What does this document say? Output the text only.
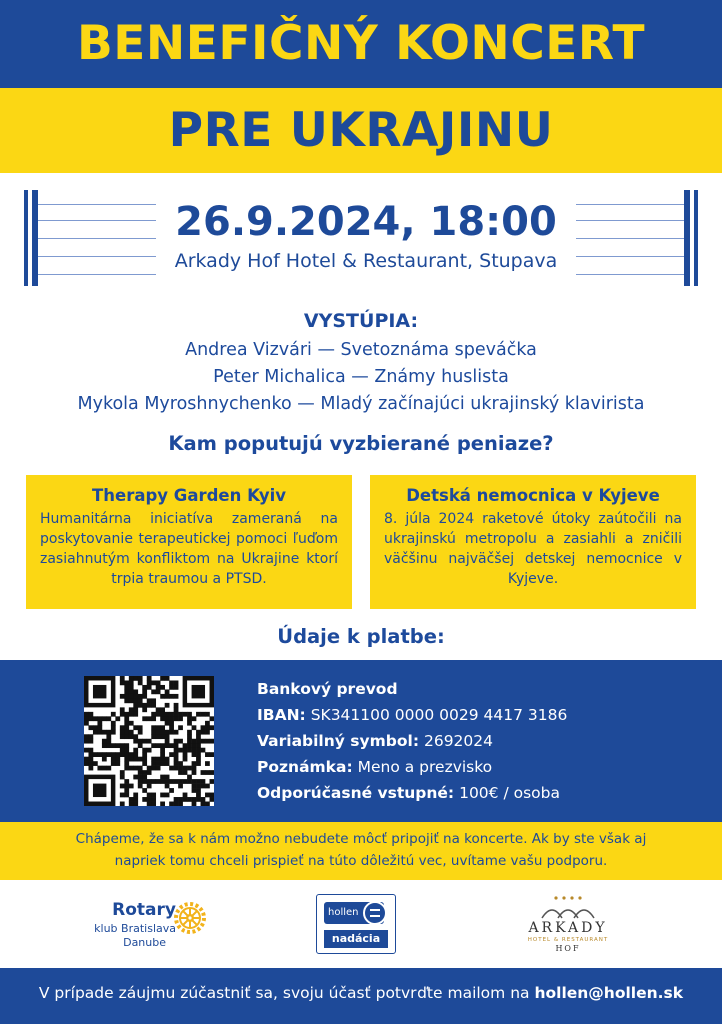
BENEFIČNÝ KONCERT
PRE UKRAJINU
26.9.2024, 18:00
Arkady Hof Hotel & Restaurant, Stupava
VYSTÚPIA:
Andrea Vizvári — Svetoznáma speváčka
Peter Michalica — Známy huslista
Mykola Myroshnychenko — Mladý začínajúci ukrajinský klavirista
Kam poputujú vyzbierané peniaze?
Therapy Garden Kyiv
Humanitárna iniciatíva zameraná na poskytovanie terapeutickej pomoci ľuďom zasiahnutým konfliktom na Ukrajine ktorí trpia traumou a PTSD.
Detská nemocnica v Kyjeve
8. júla 2024 raketové útoky zaútočili na ukrajinskú metropolu a zasiahli a zničili väčšinu najväčšej detskej nemocnice v Kyjeve.
Údaje k platbe:
Bankový prevod
IBAN: SK341100 0000 0029 4417 3186
Variabilný symbol: 2692024
Poznámka: Meno a prezvisko
Odporúčasné vstupné: 100€ / osoba
Chápeme, že sa k nám možno nebudete môcť pripojiť na koncerte. Ak by ste však aj napriek tomu chceli prispieť na túto dôležitú vec, uvítame vašu podporu.
Rotary
klub Bratislava
Danube
hollen
nadácia
ARKADY
HOTEL & RESTAURANT
HOF
V prípade záujmu zúčastniť sa, svoju účasť potvrďte mailom na hollen@hollen.sk
